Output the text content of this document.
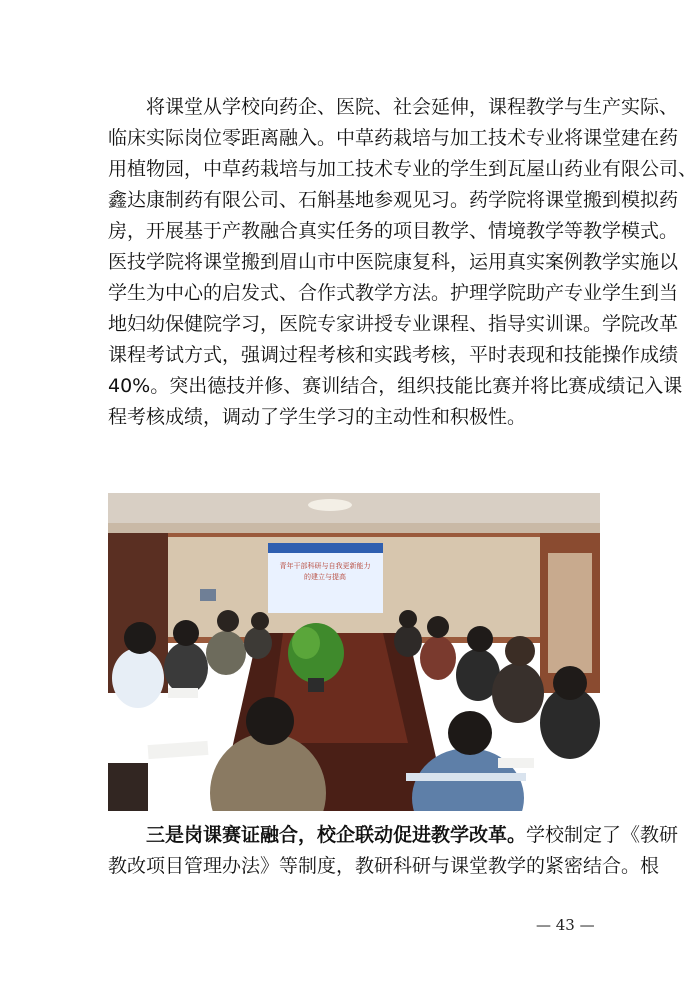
　　将课堂从学校向药企、医院、社会延伸，课程教学与生产实际、
临床实际岗位零距离融入。中草药栽培与加工技术专业将课堂建在药
用植物园，中草药栽培与加工技术专业的学生到瓦屋山药业有限公司、
鑫达康制药有限公司、石斛基地参观见习。药学院将课堂搬到模拟药
房，开展基于产教融合真实任务的项目教学、情境教学等教学模式。
医技学院将课堂搬到眉山市中医院康复科，运用真实案例教学实施以
学生为中心的启发式、合作式教学方法。护理学院助产专业学生到当
地妇幼保健院学习，医院专家讲授专业课程、指导实训课。学院改革
课程考试方式，强调过程考核和实践考核，平时表现和技能操作成绩
40%。突出德技并修、赛训结合，组织技能比赛并将比赛成绩记入课
程考核成绩，调动了学生学习的主动性和积极性。
青年干部科研与自我更新能力
的建立与提高
　　三是岗课赛证融合，校企联动促进教学改革。学校制定了《教研
教改项目管理办法》等制度，教研科研与课堂教学的紧密结合。根
— 43 —
